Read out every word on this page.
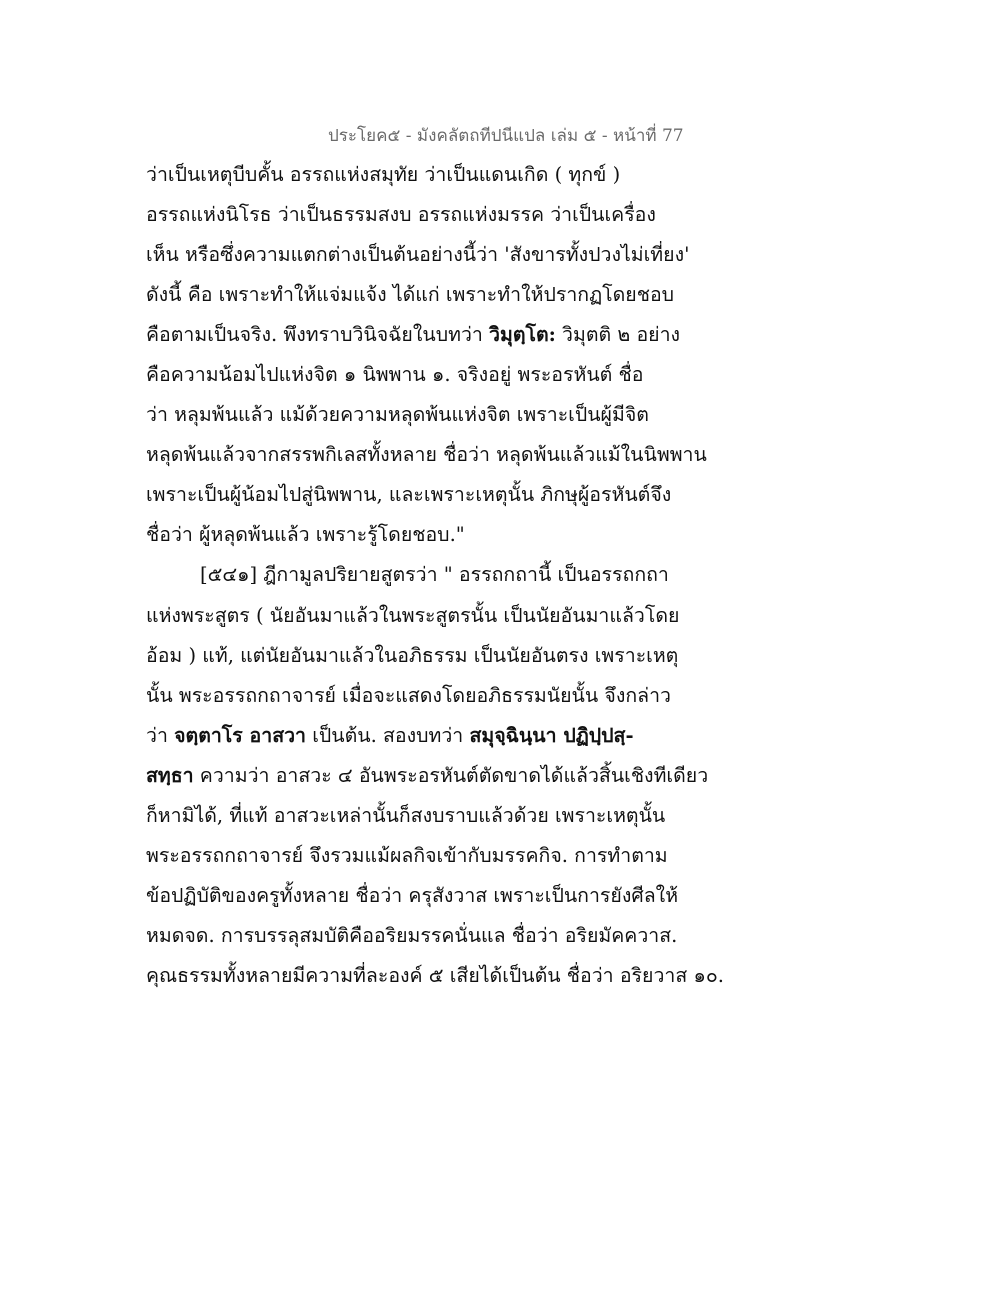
ประโยค๕ - มังคลัตถทีปนีแปล เล่ม ๕ - หน้าที่ 77
ว่าเป็นเหตุบีบคั้น อรรถแห่งสมุทัย ว่าเป็นแดนเกิด ( ทุกข์ )
อรรถแห่งนิโรธ ว่าเป็นธรรมสงบ อรรถแห่งมรรค ว่าเป็นเครื่อง
เห็น หรือซึ่งความแตกต่างเป็นต้นอย่างนี้ว่า 'สังขารทั้งปวงไม่เที่ยง'
ดังนี้ คือ เพราะทำให้แจ่มแจ้ง ได้แก่ เพราะทำให้ปรากฏโดยชอบ
คือตามเป็นจริง. พึงทราบวินิจฉัยในบทว่า วิมุตฺโต: วิมุตติ ๒ อย่าง
คือความน้อมไปแห่งจิต ๑ นิพพาน ๑. จริงอยู่ พระอรหันต์ ชื่อ
ว่า หลุมพ้นแล้ว แม้ด้วยความหลุดพ้นแห่งจิต เพราะเป็นผู้มีจิต
หลุดพ้นแล้วจากสรรพกิเลสทั้งหลาย ชื่อว่า หลุดพ้นแล้วแม้ในนิพพาน
เพราะเป็นผู้น้อมไปสู่นิพพาน, และเพราะเหตุนั้น ภิกษุผู้อรหันต์จึง
ชื่อว่า ผู้หลุดพ้นแล้ว เพราะรู้โดยชอบ."
[๕๔๑] ฎีกามูลปริยายสูตรว่า " อรรถกถานี้ เป็นอรรถกถา
แห่งพระสูตร ( นัยอันมาแล้วในพระสูตรนั้น เป็นนัยอันมาแล้วโดย
อ้อม ) แท้, แต่นัยอันมาแล้วในอภิธรรม เป็นนัยอันตรง เพราะเหตุ
นั้น พระอรรถกถาจารย์ เมื่อจะแสดงโดยอภิธรรมนัยนั้น จึงกล่าว
ว่า จตฺตาโร อาสวา เป็นต้น. สองบทว่า สมุจฺฉินฺนา ปฏิปฺปสฺ-
สทฺธา ความว่า อาสวะ ๔ อันพระอรหันต์ตัดขาดได้แล้วสิ้นเชิงทีเดียว
ก็หามิได้, ที่แท้ อาสวะเหล่านั้นก็สงบราบแล้วด้วย เพราะเหตุนั้น
พระอรรถกถาจารย์ จึงรวมแม้ผลกิจเข้ากับมรรคกิจ. การทำตาม
ข้อปฏิบัติของครูทั้งหลาย ชื่อว่า ครุสังวาส เพราะเป็นการยังศีลให้
หมดจด. การบรรลุสมบัติคืออริยมรรคนั่นแล ชื่อว่า อริยมัคควาส.
คุณธรรมทั้งหลายมีความที่ละองค์ ๕ เสียได้เป็นต้น ชื่อว่า อริยวาส ๑๐.
